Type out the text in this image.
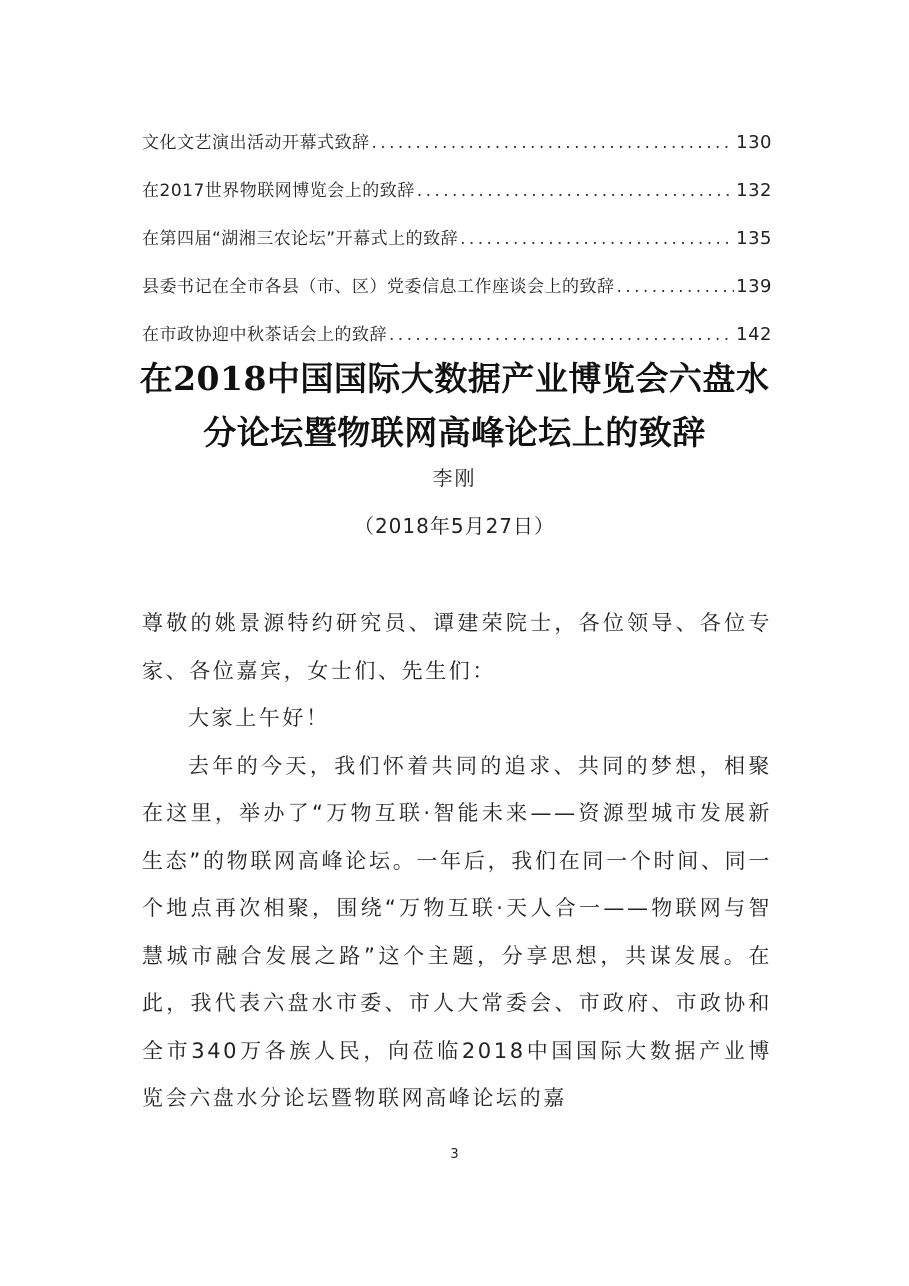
文化文艺演出活动开幕式致辞 . . .	130
在2017世界物联网博览会上的致辞 . . .	132
在第四届“湖湘三农论坛”开幕式上的致辞 . . .	135
县委书记在全市各县（市、区）党委信息工作座谈会上的致辞 . . .	139
在市政协迎中秋茶话会上的致辞 . . .	142
在2018中国国际大数据产业博览会六盘水
分论坛暨物联网高峰论坛上的致辞
李刚
（2018年5月27日）

尊敬的姚景源特约研究员、谭建荣院士，各位领导、各位专家、各位嘉宾，女士们、先生们：

大家上午好！

去年的今天，我们怀着共同的追求、共同的梦想，相聚在这里，举办了“万物互联·智能未来——资源型城市发展新生态”的物联网高峰论坛。一年后，我们在同一个时间、同一个地点再次相聚，围绕“万物互联·天人合一——物联网与智慧城市融合发展之路”这个主题，分享思想，共谋发展。在此，我代表六盘水市委、市人大常委会、市政府、市政协和全市340万各族人民，向莅临2018中国国际大数据产业博览会六盘水分论坛暨物联网高峰论坛的嘉

3
